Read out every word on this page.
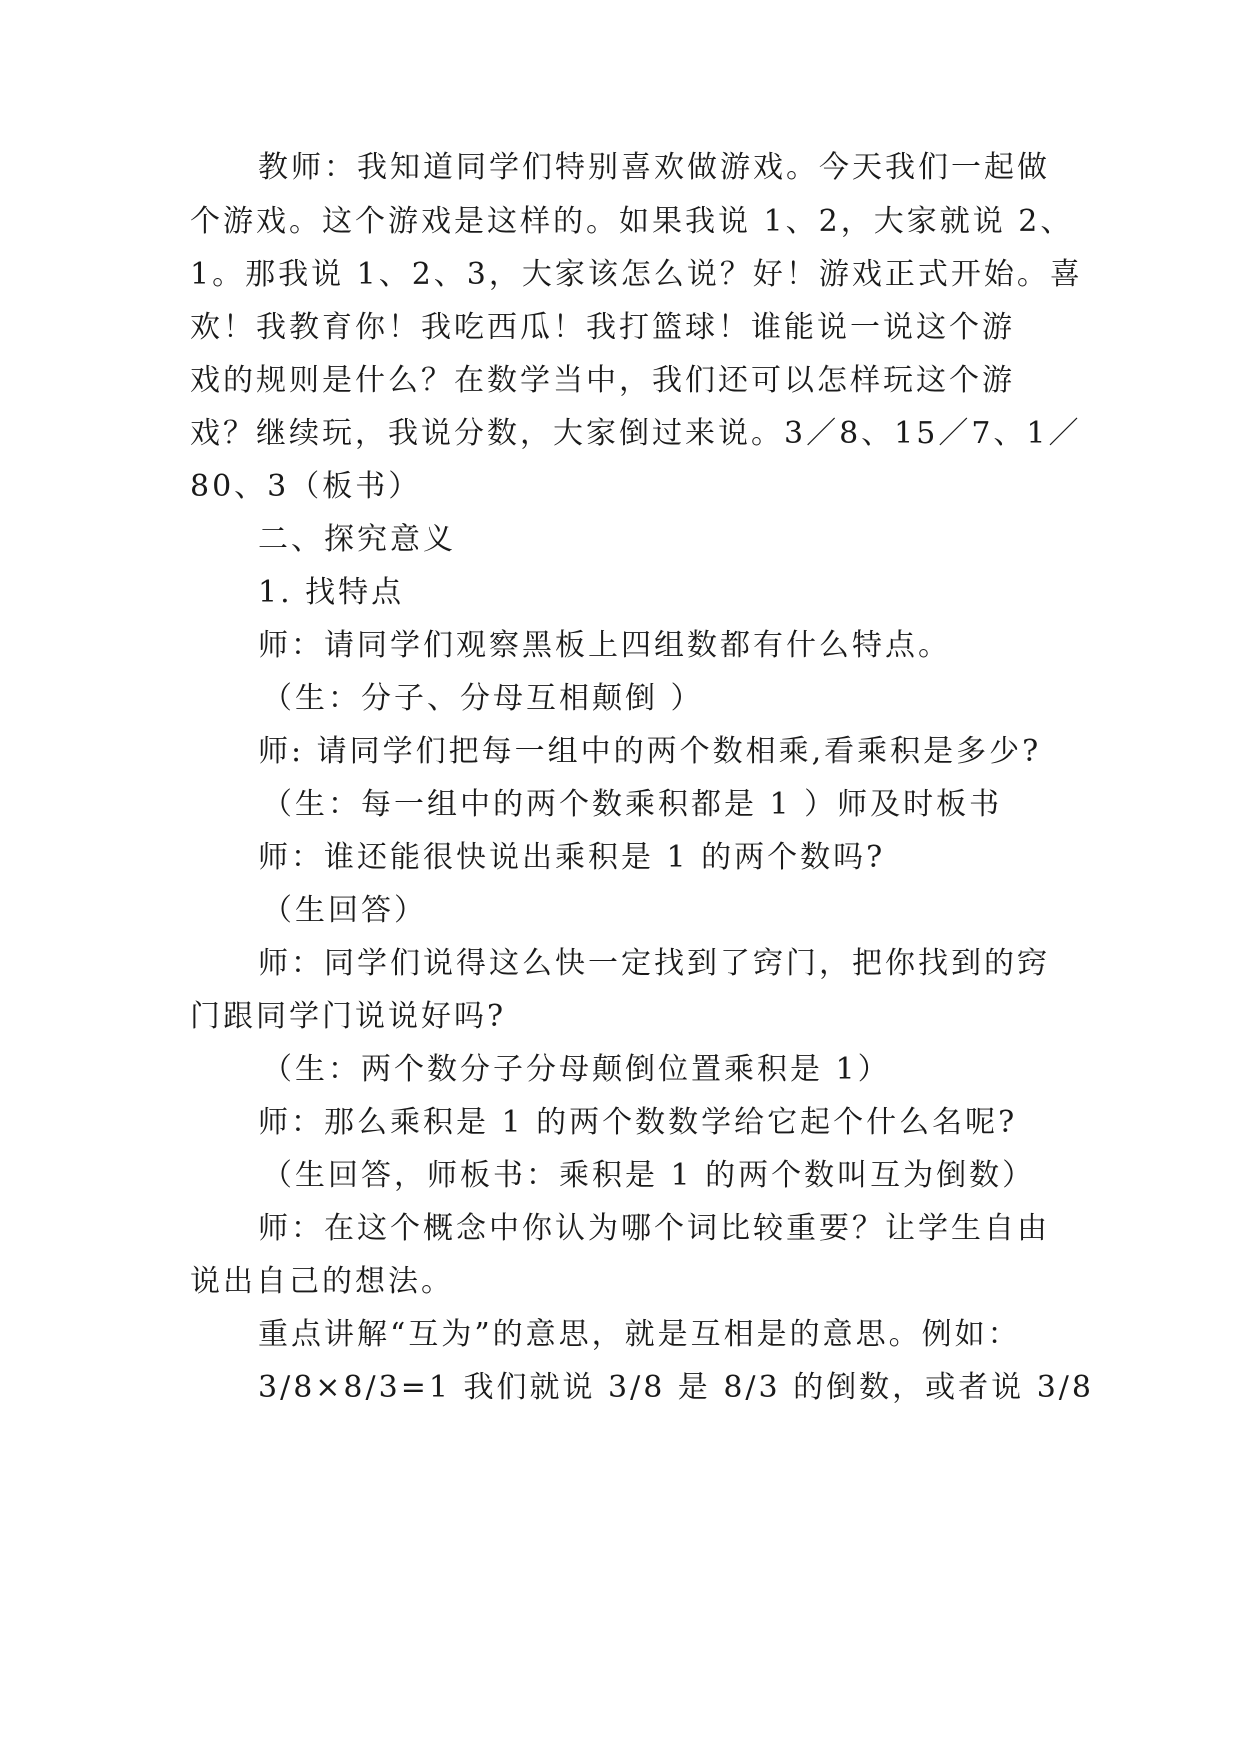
教师：我知道同学们特别喜欢做游戏。今天我们一起做
个游戏。这个游戏是这样的。如果我说 1、2，大家就说 2、
1。那我说 1、2、3，大家该怎么说？好！游戏正式开始。喜
欢！我教育你！我吃西瓜！我打篮球！谁能说一说这个游
戏的规则是什么？在数学当中，我们还可以怎样玩这个游
戏？继续玩，我说分数，大家倒过来说。3／8、15／7、1／
80、3（板书）
二、探究意义
1. 找特点
师：请同学们观察黑板上四组数都有什么特点。
（生：分子、分母互相颠倒 ）
师: 请同学们把每一组中的两个数相乘,看乘积是多少?
（生：每一组中的两个数乘积都是 1 ）师及时板书
师：谁还能很快说出乘积是 1 的两个数吗?
（生回答）
师：同学们说得这么快一定找到了窍门，把你找到的窍
门跟同学门说说好吗?
（生：两个数分子分母颠倒位置乘积是 1）
师：那么乘积是 1 的两个数数学给它起个什么名呢?
（生回答，师板书：乘积是 1 的两个数叫互为倒数）
师：在这个概念中你认为哪个词比较重要？让学生自由
说出自己的想法。
重点讲解“互为”的意思，就是互相是的意思。例如：
3/8×8/3=1 我们就说 3/8 是 8/3 的倒数，或者说 3/8
